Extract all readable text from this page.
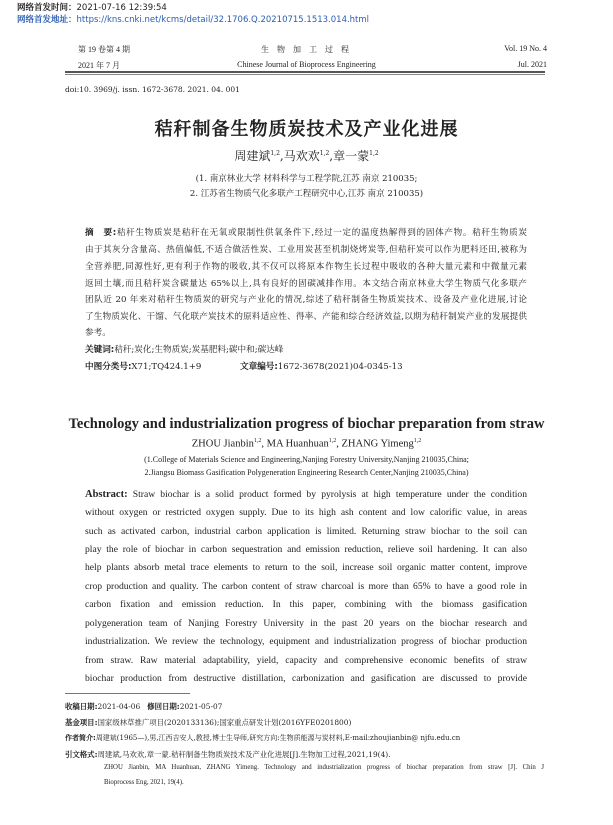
网络首发时间：2021-07-16 12:39:54
网络首发地址：https://kns.cnki.net/kcms/detail/32.1706.Q.20210715.1513.014.html
第 19 卷第 4 期
2021 年 7 月
生 物 加 工 过 程
Chinese Journal of Bioprocess Engineering
Vol. 19 No. 4
Jul. 2021
doi:10. 3969/j. issn. 1672-3678. 2021. 04. 001
秸秆制备生物质炭技术及产业化进展
周建斌$^{1,2}$,马欢欢$^{1,2}$,章一蒙$^{1,2}$
(1. 南京林业大学 材料科学与工程学院,江苏 南京 210035;
2. 江苏省生物质气化多联产工程研究中心,江苏 南京 210035)
摘　要:秸秆生物质炭是秸秆在无氧或限制性供氧条件下,经过一定的温度热解得到的固体产物。秸秆生物质炭
由于其灰分含量高、热值偏低,不适合做活性炭、工业用炭甚至机制烧烤炭等,但秸秆炭可以作为肥料还田,被称为
全营养肥,同源性好,更有利于作物的吸收,其不仅可以将原本作物生长过程中吸收的各种大量元素和中微量元素
返回土壤,而且秸秆炭含碳量达 65%以上,具有良好的固碳减排作用。本文结合南京林业大学生物质气化多联产
团队近 20 年来对秸秆生物质炭的研究与产业化的情况,综述了秸秆制备生物质炭技术、设备及产业化进展,讨论
了生物质炭化、干馏、气化联产炭技术的原料适应性、得率、产能和综合经济效益,以期为秸秆制炭产业的发展提供
参考。
关键词:秸秆;炭化;生物质炭;炭基肥料;碳中和;碳达峰
中图分类号:X71;TQ424.1+9	文章编号:1672-3678(2021)04-0345-13
Technology and industrialization progress of biochar preparation from straw
ZHOU Jianbin$^{1,2}$, MA Huanhuan$^{1,2}$, ZHANG Yimeng$^{1,2}$
(1.College of Materials Science and Engineering,Nanjing Forestry University,Nanjing 210035,China;
2.Jiangsu Biomass Gasification Polygeneration Engineering Research Center,Nanjing 210035,China)
Abstract: Straw biochar is a solid product formed by pyrolysis at high temperature under the condition
without oxygen or restricted oxygen supply. Due to its high ash content and low calorific value, in areas
such as activated carbon, industrial carbon application is limited. Returning straw biochar to the soil can
play the role of biochar in carbon sequestration and emission reduction, relieve soil hardening. It can also
help plants absorb metal trace elements to return to the soil, increase soil organic matter content, improve
crop production and quality. The carbon content of straw charcoal is more than 65% to have a good role in
carbon fixation and emission reduction. In this paper, combining with the biomass gasification
polygeneration team of Nanjing Forestry University in the past 20 years on the biochar research and
industrialization. We review the technology, equipment and industrialization progress of biochar production
from straw. Raw material adaptability, yield, capacity and comprehensive economic benefits of straw
biochar production from destructive distillation, carbonization and gasification are discussed to provide
收稿日期:2021-04-06 修回日期:2021-05-07
基金项目:国家级林草推广项目(2020133136);国家重点研发计划(2016YFE0201800)
作者简介:周建斌(1965—),男,江西吉安人,教授,博士生导师,研究方向:生物质能源与炭材料,E-mail:zhoujianbin@ njfu.edu.cn
引文格式:周建斌,马欢欢,章一蒙.秸秆制备生物质炭技术及产业化进展[J].生物加工过程,2021,19(4).
ZHOU Jianbin, MA Huanhuan, ZHANG Yimeng. Technology and industrialization progress of biochar preparation from straw [J]. Chin J
Bioprocess Eng, 2021, 19(4).
